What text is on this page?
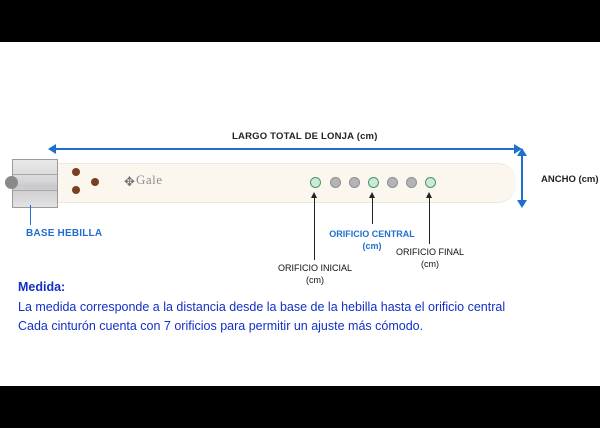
LARGO TOTAL DE LONJA (cm)
ANCHO (cm)
✥ Gale
ORIFICIO INICIAL
(cm)
ORIFICIO CENTRAL
(cm)
ORIFICIO FINAL
(cm)
BASE HEBILLA
Medida:
La medida corresponde a la distancia desde la base de la hebilla hasta el orificio central
Cada cinturón cuenta con 7 orificios para permitir un ajuste más cómodo.
